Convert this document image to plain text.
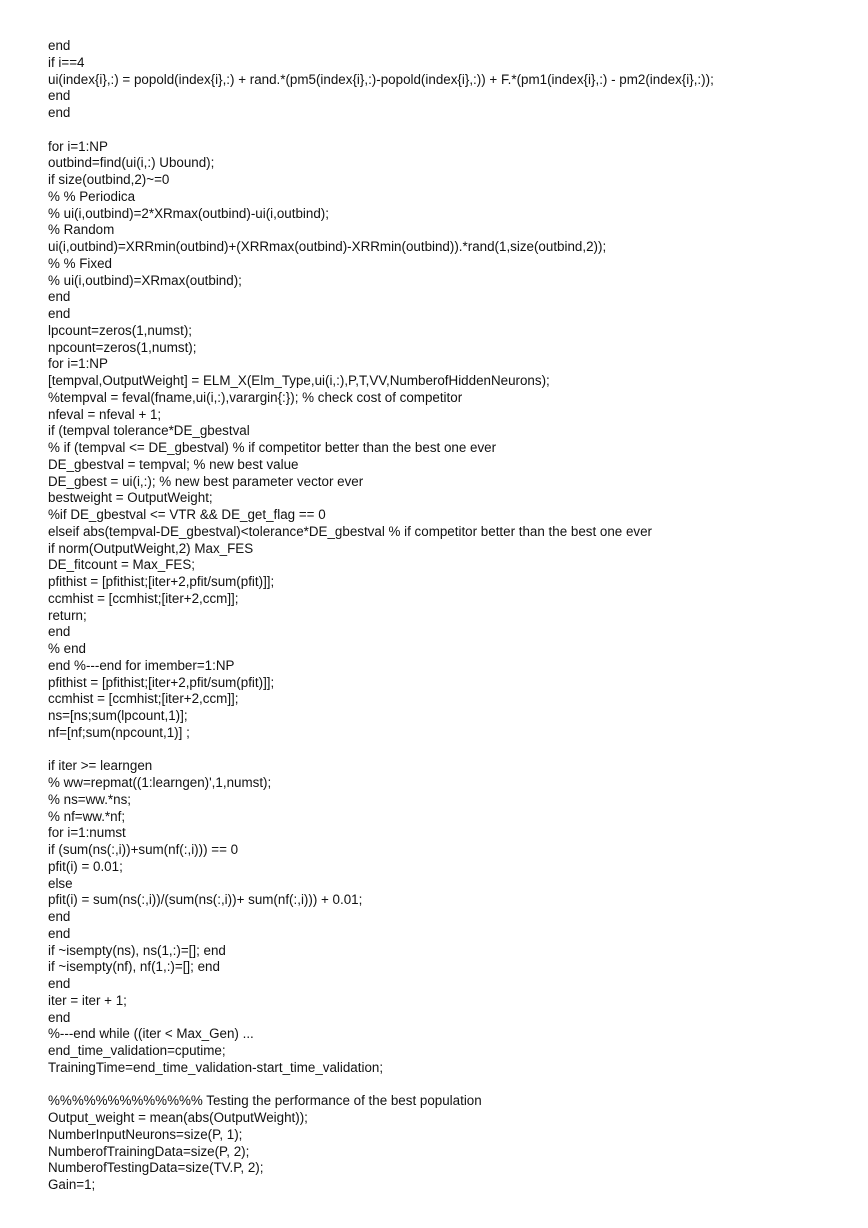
end
if i==4
ui(index{i},:) = popold(index{i},:) + rand.*(pm5(index{i},:)-popold(index{i},:)) + F.*(pm1(index{i},:) - pm2(index{i},:));
end
end
for i=1:NP
outbind=find(ui(i,:) Ubound);
if size(outbind,2)~=0
% % Periodica
% ui(i,outbind)=2*XRmax(outbind)-ui(i,outbind);
% Random
ui(i,outbind)=XRRmin(outbind)+(XRRmax(outbind)-XRRmin(outbind)).*rand(1,size(outbind,2));
% % Fixed
% ui(i,outbind)=XRmax(outbind);
end
end
lpcount=zeros(1,numst);
npcount=zeros(1,numst);
for i=1:NP
[tempval,OutputWeight] = ELM_X(Elm_Type,ui(i,:),P,T,VV,NumberofHiddenNeurons);
%tempval = feval(fname,ui(i,:),varargin{:}); % check cost of competitor
nfeval = nfeval + 1;
if (tempval tolerance*DE_gbestval
% if (tempval <= DE_gbestval) % if competitor better than the best one ever
DE_gbestval = tempval; % new best value
DE_gbest = ui(i,:); % new best parameter vector ever
bestweight = OutputWeight;
%if DE_gbestval <= VTR && DE_get_flag == 0
elseif abs(tempval-DE_gbestval)<tolerance*DE_gbestval % if competitor better than the best one ever
if norm(OutputWeight,2) Max_FES
DE_fitcount = Max_FES;
pfithist = [pfithist;[iter+2,pfit/sum(pfit)]];
ccmhist = [ccmhist;[iter+2,ccm]];
return;
end
% end
end %---end for imember=1:NP
pfithist = [pfithist;[iter+2,pfit/sum(pfit)]];
ccmhist = [ccmhist;[iter+2,ccm]];
ns=[ns;sum(lpcount,1)];
nf=[nf;sum(npcount,1)] ;
if iter >= learngen
% ww=repmat((1:learngen)',1,numst);
% ns=ww.*ns;
% nf=ww.*nf;
for i=1:numst
if (sum(ns(:,i))+sum(nf(:,i))) == 0
pfit(i) = 0.01;
else
pfit(i) = sum(ns(:,i))/(sum(ns(:,i))+ sum(nf(:,i))) + 0.01;
end
end
if ~isempty(ns), ns(1,:)=[]; end
if ~isempty(nf), nf(1,:)=[]; end
end
iter = iter + 1;
end
%---end while ((iter < Max_Gen) ...
end_time_validation=cputime;
TrainingTime=end_time_validation-start_time_validation;
%%%%%%%%%%%%% Testing the performance of the best population
Output_weight = mean(abs(OutputWeight));
NumberInputNeurons=size(P, 1);
NumberofTrainingData=size(P, 2);
NumberofTestingData=size(TV.P, 2);
Gain=1;
